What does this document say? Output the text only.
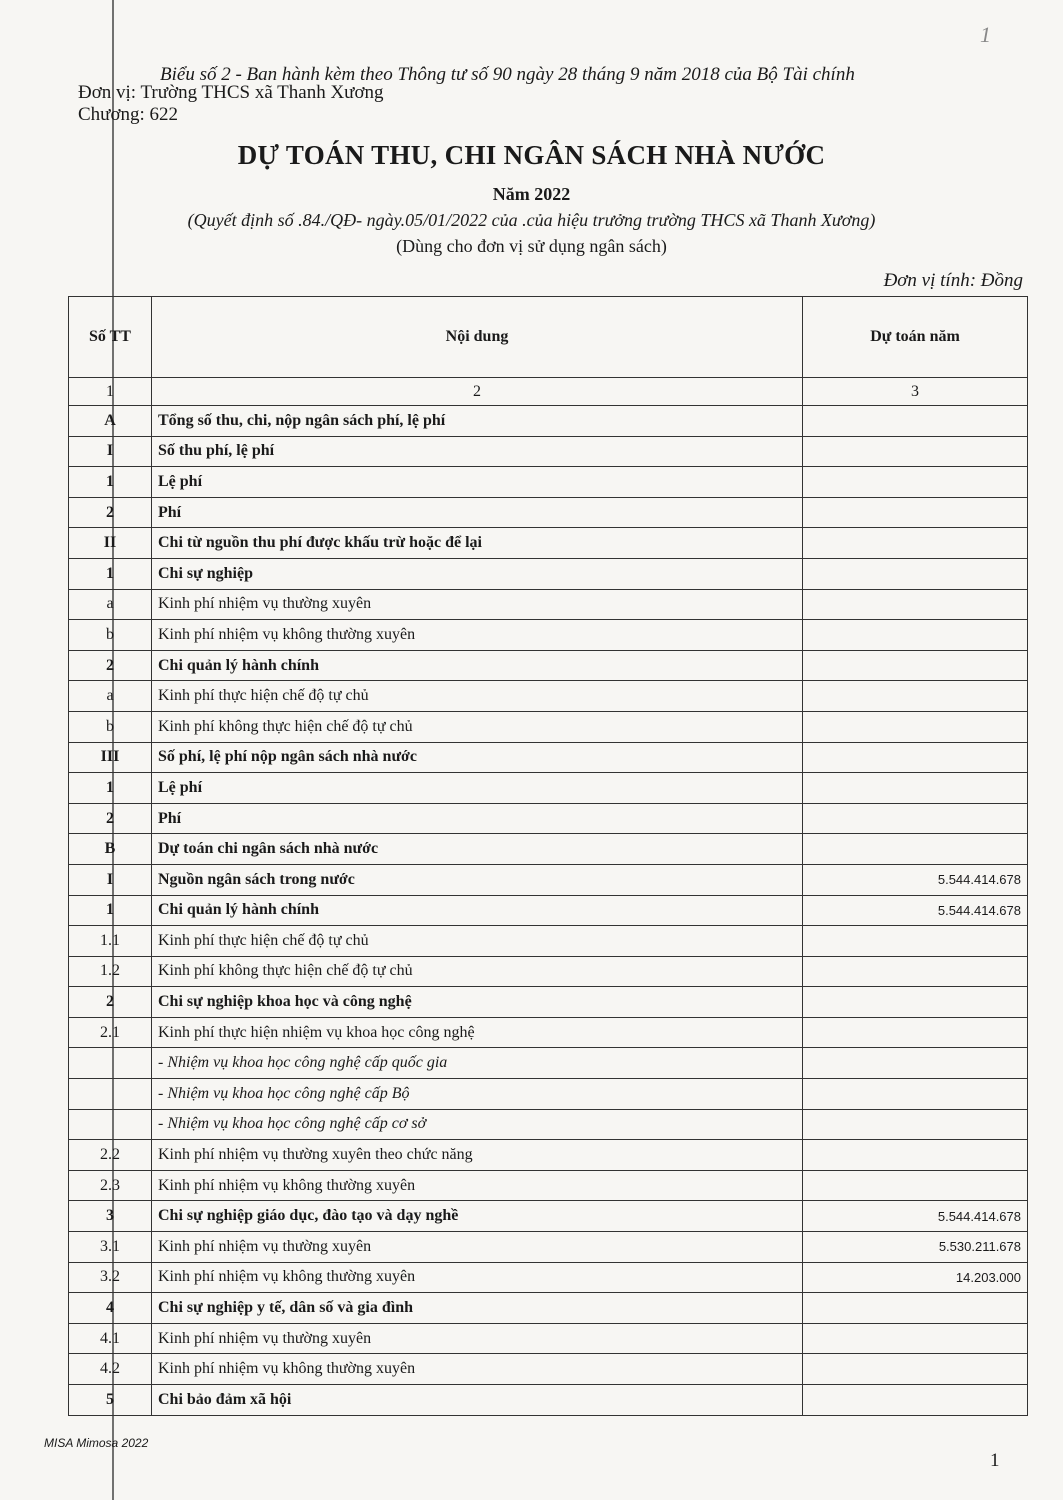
1
Biểu số 2 - Ban hành kèm theo Thông tư số 90 ngày 28 tháng 9 năm 2018 của Bộ Tài chính
Đơn vị: Trường THCS xã Thanh Xương
Chương: 622
DỰ TOÁN THU, CHI NGÂN SÁCH NHÀ NƯỚC
Năm 2022
(Quyết định số .84./QĐ- ngày.05/01/2022 của .của hiệu trưởng trường THCS xã Thanh Xương)
(Dùng cho đơn vị sử dụng ngân sách)
Đơn vị tính: Đồng
Số TT	Nội dung	Dự toán năm
1	2	3
A	Tổng số thu, chi, nộp ngân sách phí, lệ phí	
I	Số thu phí, lệ phí	
1	Lệ phí	
2	Phí	
II	Chi từ nguồn thu phí được khấu trừ hoặc để lại	
1	Chi sự nghiệp	
a	Kinh phí nhiệm vụ thường xuyên	
b	Kinh phí nhiệm vụ không thường xuyên	
2	Chi quản lý hành chính	
a	Kinh phí thực hiện chế độ tự chủ	
b	Kinh phí không thực hiện chế độ tự chủ	
III	Số phí, lệ phí nộp ngân sách nhà nước	
1	Lệ phí	
2	Phí	
B	Dự toán chi ngân sách nhà nước	
I	Nguồn ngân sách trong nước	5.544.414.678
1	Chi quản lý hành chính	5.544.414.678
1.1	Kinh phí thực hiện chế độ tự chủ	
1.2	Kinh phí không thực hiện chế độ tự chủ	
2	Chi sự nghiệp khoa học và công nghệ	
2.1	Kinh phí thực hiện nhiệm vụ khoa học công nghệ	
	- Nhiệm vụ khoa học công nghệ cấp quốc gia	
	- Nhiệm vụ khoa học công nghệ cấp Bộ	
	- Nhiệm vụ khoa học công nghệ cấp cơ sở	
2.2	Kinh phí nhiệm vụ thường xuyên theo chức năng	
2.3	Kinh phí nhiệm vụ không thường xuyên	
3	Chi sự nghiệp giáo dục, đào tạo và dạy nghề	5.544.414.678
3.1	Kinh phí nhiệm vụ thường xuyên	5.530.211.678
3.2	Kinh phí nhiệm vụ không thường xuyên	14.203.000
4	Chi sự nghiệp y tế, dân số và gia đình	
4.1	Kinh phí nhiệm vụ thường xuyên	
4.2	Kinh phí nhiệm vụ không thường xuyên	
5	Chi bảo đảm xã hội	
MISA Mimosa 2022
1
